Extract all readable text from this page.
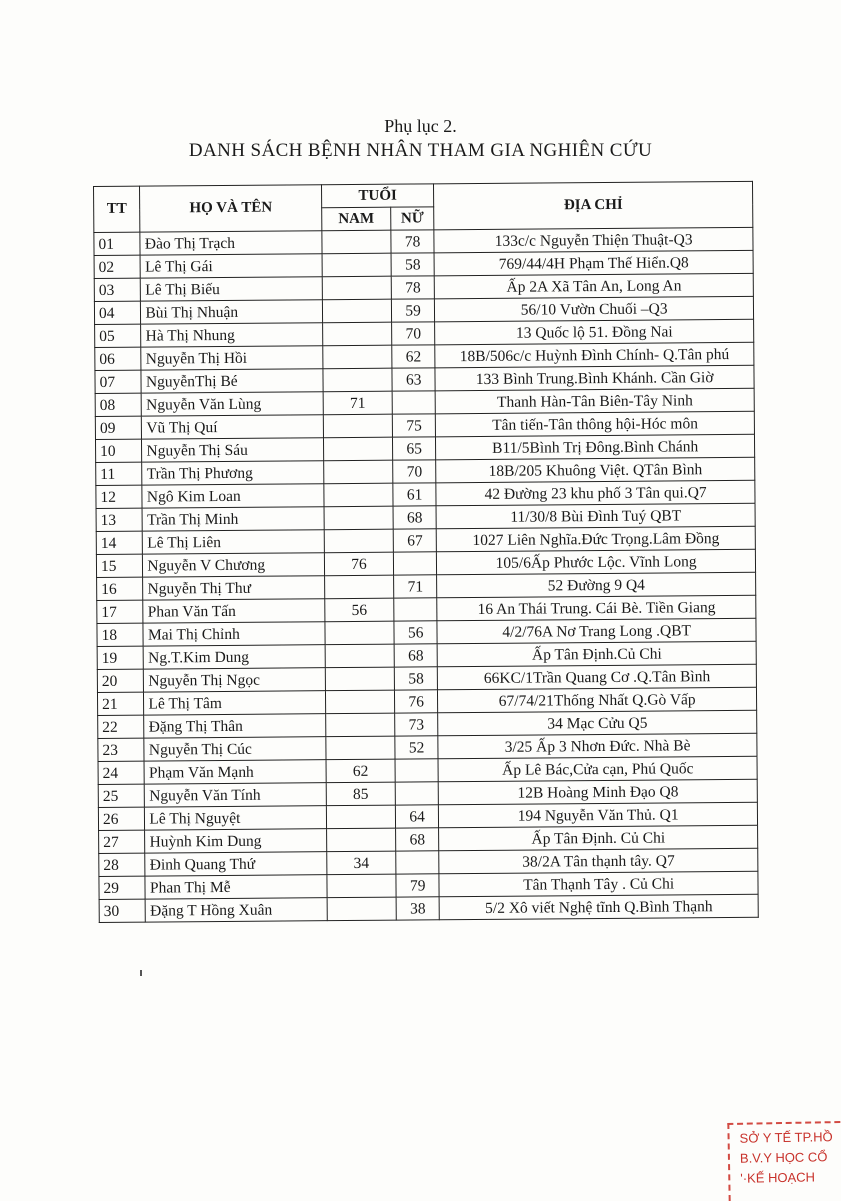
Phụ lục 2.
DANH SÁCH BỆNH NHÂN THAM GIA NGHIÊN CỨU
TT	HỌ VÀ TÊN	TUỔI		ĐỊA CHỈ
		NAM	NỮ	
01	Đào Thị Trạch		78	133c/c Nguyễn Thiện Thuật-Q3
02	Lê Thị Gái		58	769/44/4H Phạm Thế Hiển.Q8
03	Lê Thị Biếu		78	Ấp 2A Xã Tân An, Long An
04	Bùi Thị Nhuận		59	56/10 Vườn Chuối –Q3
05	Hà Thị Nhung		70	13 Quốc lộ 51. Đồng Nai
06	Nguyễn Thị Hồi		62	18B/506c/c Huỳnh Đình Chính- Q.Tân phú
07	NguyễnThị Bé		63	133 Bình Trung.Bình Khánh. Cần Giờ
08	Nguyễn Văn Lùng	71		Thanh Hàn-Tân Biên-Tây Ninh
09	Vũ Thị Quí		75	Tân tiến-Tân thông hội-Hóc môn
10	Nguyễn Thị Sáu		65	B11/5Bình Trị Đông.Bình Chánh
11	Trần Thị Phương		70	18B/205 Khuông Việt. QTân Bình
12	Ngô Kim Loan		61	42 Đường 23 khu phố 3 Tân qui.Q7
13	Trần Thị Minh		68	11/30/8 Bùi Đình Tuý QBT
14	Lê Thị Liên		67	1027 Liên Nghĩa.Đức Trọng.Lâm Đồng
15	Nguyễn V Chương	76		105/6Ấp Phước Lộc. Vĩnh Long
16	Nguyễn Thị Thư		71	52 Đường 9 Q4
17	Phan Văn Tấn	56		16 An Thái Trung. Cái Bè. Tiền Giang
18	Mai Thị Chỉnh		56	4/2/76A Nơ Trang Long .QBT
19	Ng.T.Kim Dung		68	Ấp Tân Định.Củ Chi
20	Nguyễn Thị Ngọc		58	66KC/1Trần Quang Cơ .Q.Tân Bình
21	Lê Thị Tâm		76	67/74/21Thống Nhất Q.Gò Vấp
22	Đặng Thị Thân		73	34 Mạc Cửu Q5
23	Nguyễn Thị Cúc		52	3/25 Ấp 3 Nhơn Đức. Nhà Bè
24	Phạm Văn Mạnh	62		Ấp Lê Bác,Cửa cạn, Phú Quốc
25	Nguyễn Văn Tính	85		12B Hoàng Minh Đạo Q8
26	Lê Thị Nguyệt		64	194 Nguyễn Văn Thủ. Q1
27	Huỳnh Kim Dung		68	Ấp Tân Định. Củ Chi
28	Đinh Quang Thứ	34		38/2A Tân thạnh tây. Q7
29	Phan Thị Mễ		79	Tân Thạnh Tây . Củ Chi
30	Đặng T Hồng Xuân		38	5/2 Xô viết Nghệ tĩnh Q.Bình Thạnh
SỞ Y TẾ TP.HỒ
B.V.Y HỌC CỔ
'·KẾ HOẠCH
